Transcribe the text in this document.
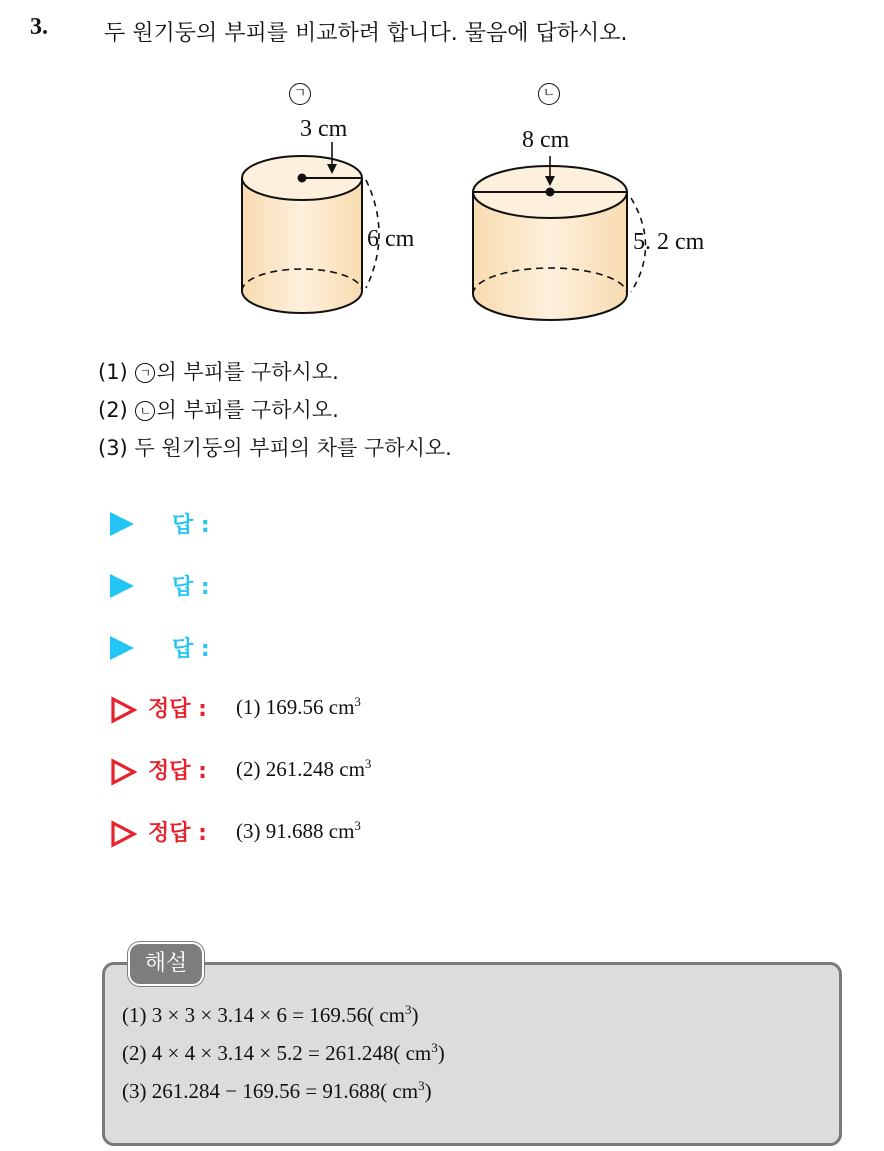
3.	두 원기둥의 부피를 비교하려 합니다. 물음에 답하시오.
ㄱ
3 cm
6 cm
ㄴ
8 cm
5. 2 cm
(1) ㄱ 의 부피를 구하시오.
(2) ㄴ 의 부피를 구하시오.
(3) 두 원기둥의 부피의 차를 구하시오.
답 :
답 :
답 :
정답 : (1) 169.56 $cm^3$
정답 : (2) 261.248 $cm^3$
정답 : (3) 91.688 $cm^3$
해설
(1) 3 × 3 × 3.14 × 6 = 169.56( $cm^3$)
(2) 4 × 4 × 3.14 × 5.2 = 261.248( $cm^3$)
(3) 261.284 − 169.56 = 91.688( $cm^3$)
